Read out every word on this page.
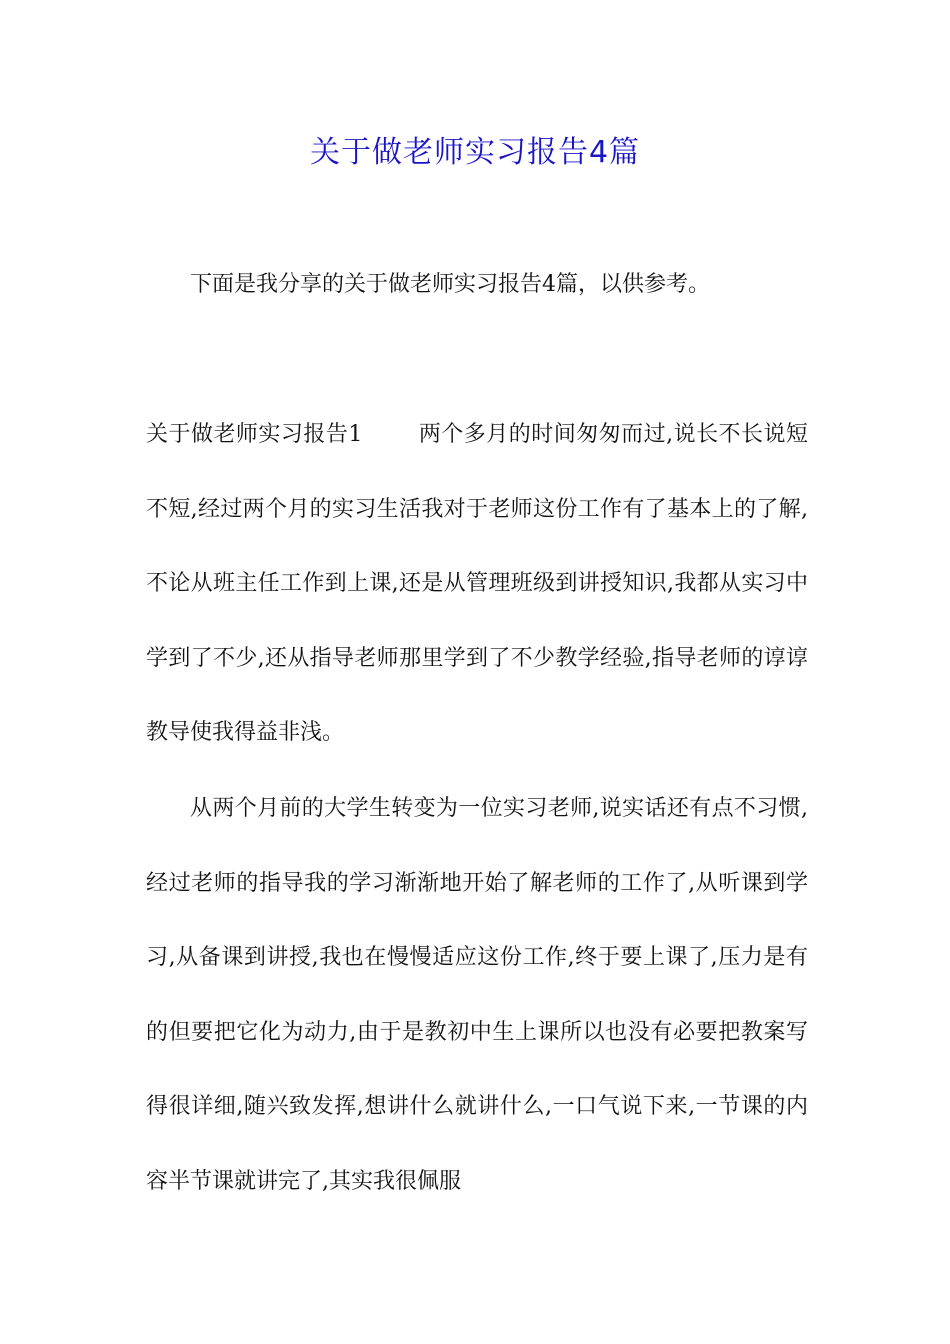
关于做老师实习报告4篇

下面是我分享的关于做老师实习报告4篇，以供参考。

关于做老师实习报告1	两个多月的时间匆匆而过,说长不长说短不短,经过两个月的实习生活我对于老师这份工作有了基本上的了解,不论从班主任工作到上课,还是从管理班级到讲授知识,我都从实习中学到了不少,还从指导老师那里学到了不少教学经验,指导老师的谆谆教导使我得益非浅。

从两个月前的大学生转变为一位实习老师,说实话还有点不习惯,经过老师的指导我的学习渐渐地开始了解老师的工作了,从听课到学习,从备课到讲授,我也在慢慢适应这份工作,终于要上课了,压力是有的但要把它化为动力,由于是教初中生上课所以也没有必要把教案写得很详细,随兴致发挥,想讲什么就讲什么,一口气说下来,一节课的内容半节课就讲完了,其实我很佩服
